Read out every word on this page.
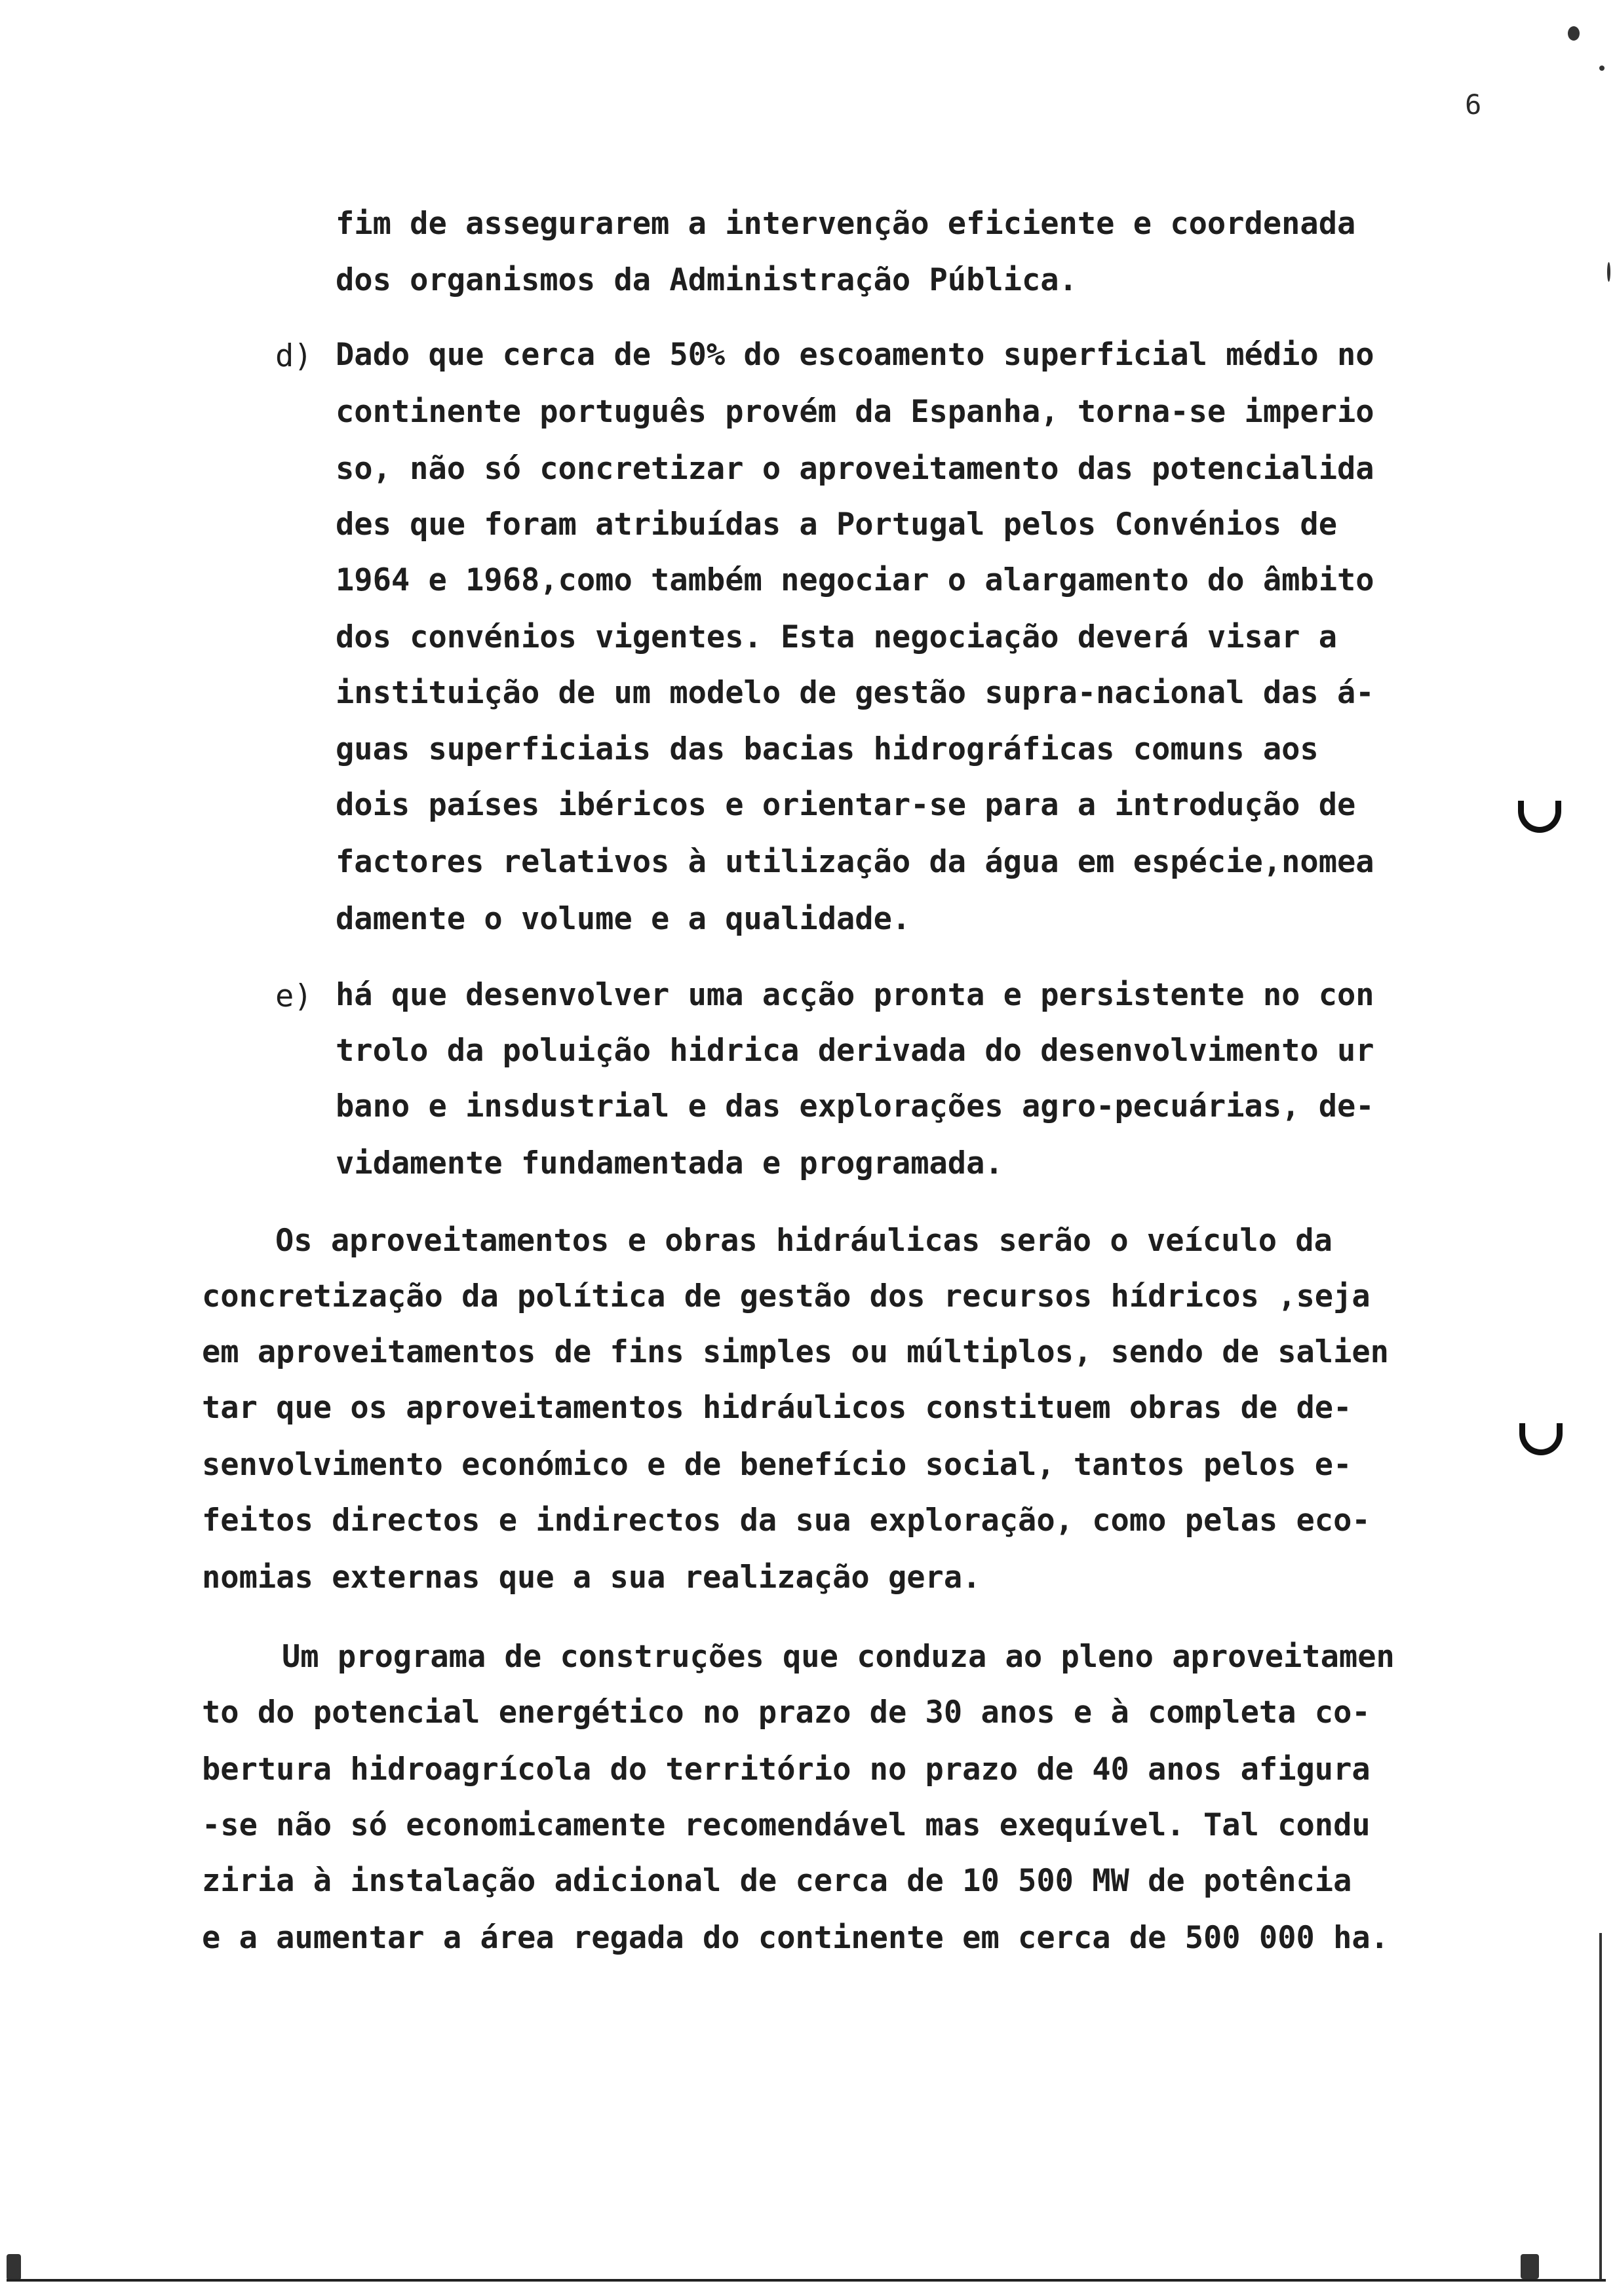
6
fim de assegurarem a intervenção eficiente e coordenada
dos organismos da Administração Pública.
d) Dado que cerca de 50% do escoamento superficial médio no
continente português provém da Espanha, torna-se imperio
so, não só concretizar o aproveitamento das potencialida
des que foram atribuídas a Portugal pelos Convénios de
1964 e 1968,como também negociar o alargamento do âmbito
dos convénios vigentes. Esta negociação deverá visar a
instituição de um modelo de gestão supra-nacional das á-
guas superficiais das bacias hidrográficas comuns aos
dois países ibéricos e orientar-se para a introdução de
factores relativos à utilização da água em espécie,nomea
damente o volume e a qualidade.
e) há que desenvolver uma acção pronta e persistente no con
trolo da poluição hidrica derivada do desenvolvimento ur
bano e insdustrial e das explorações agro-pecuárias, de-
vidamente fundamentada e programada.
Os aproveitamentos e obras hidráulicas serão o veículo da
concretização da política de gestão dos recursos hídricos ,seja
em aproveitamentos de fins simples ou múltiplos, sendo de salien
tar que os aproveitamentos hidráulicos constituem obras de de-
senvolvimento económico e de benefício social, tantos pelos e-
feitos directos e indirectos da sua exploração, como pelas eco-
nomias externas que a sua realização gera.
Um programa de construções que conduza ao pleno aproveitamen
to do potencial energético no prazo de 30 anos e à completa co-
bertura hidroagrícola do território no prazo de 40 anos afigura
-se não só economicamente recomendável mas exequível. Tal condu
ziria à instalação adicional de cerca de 10 500 MW de potência
e a aumentar a área regada do continente em cerca de 500 000 ha.
